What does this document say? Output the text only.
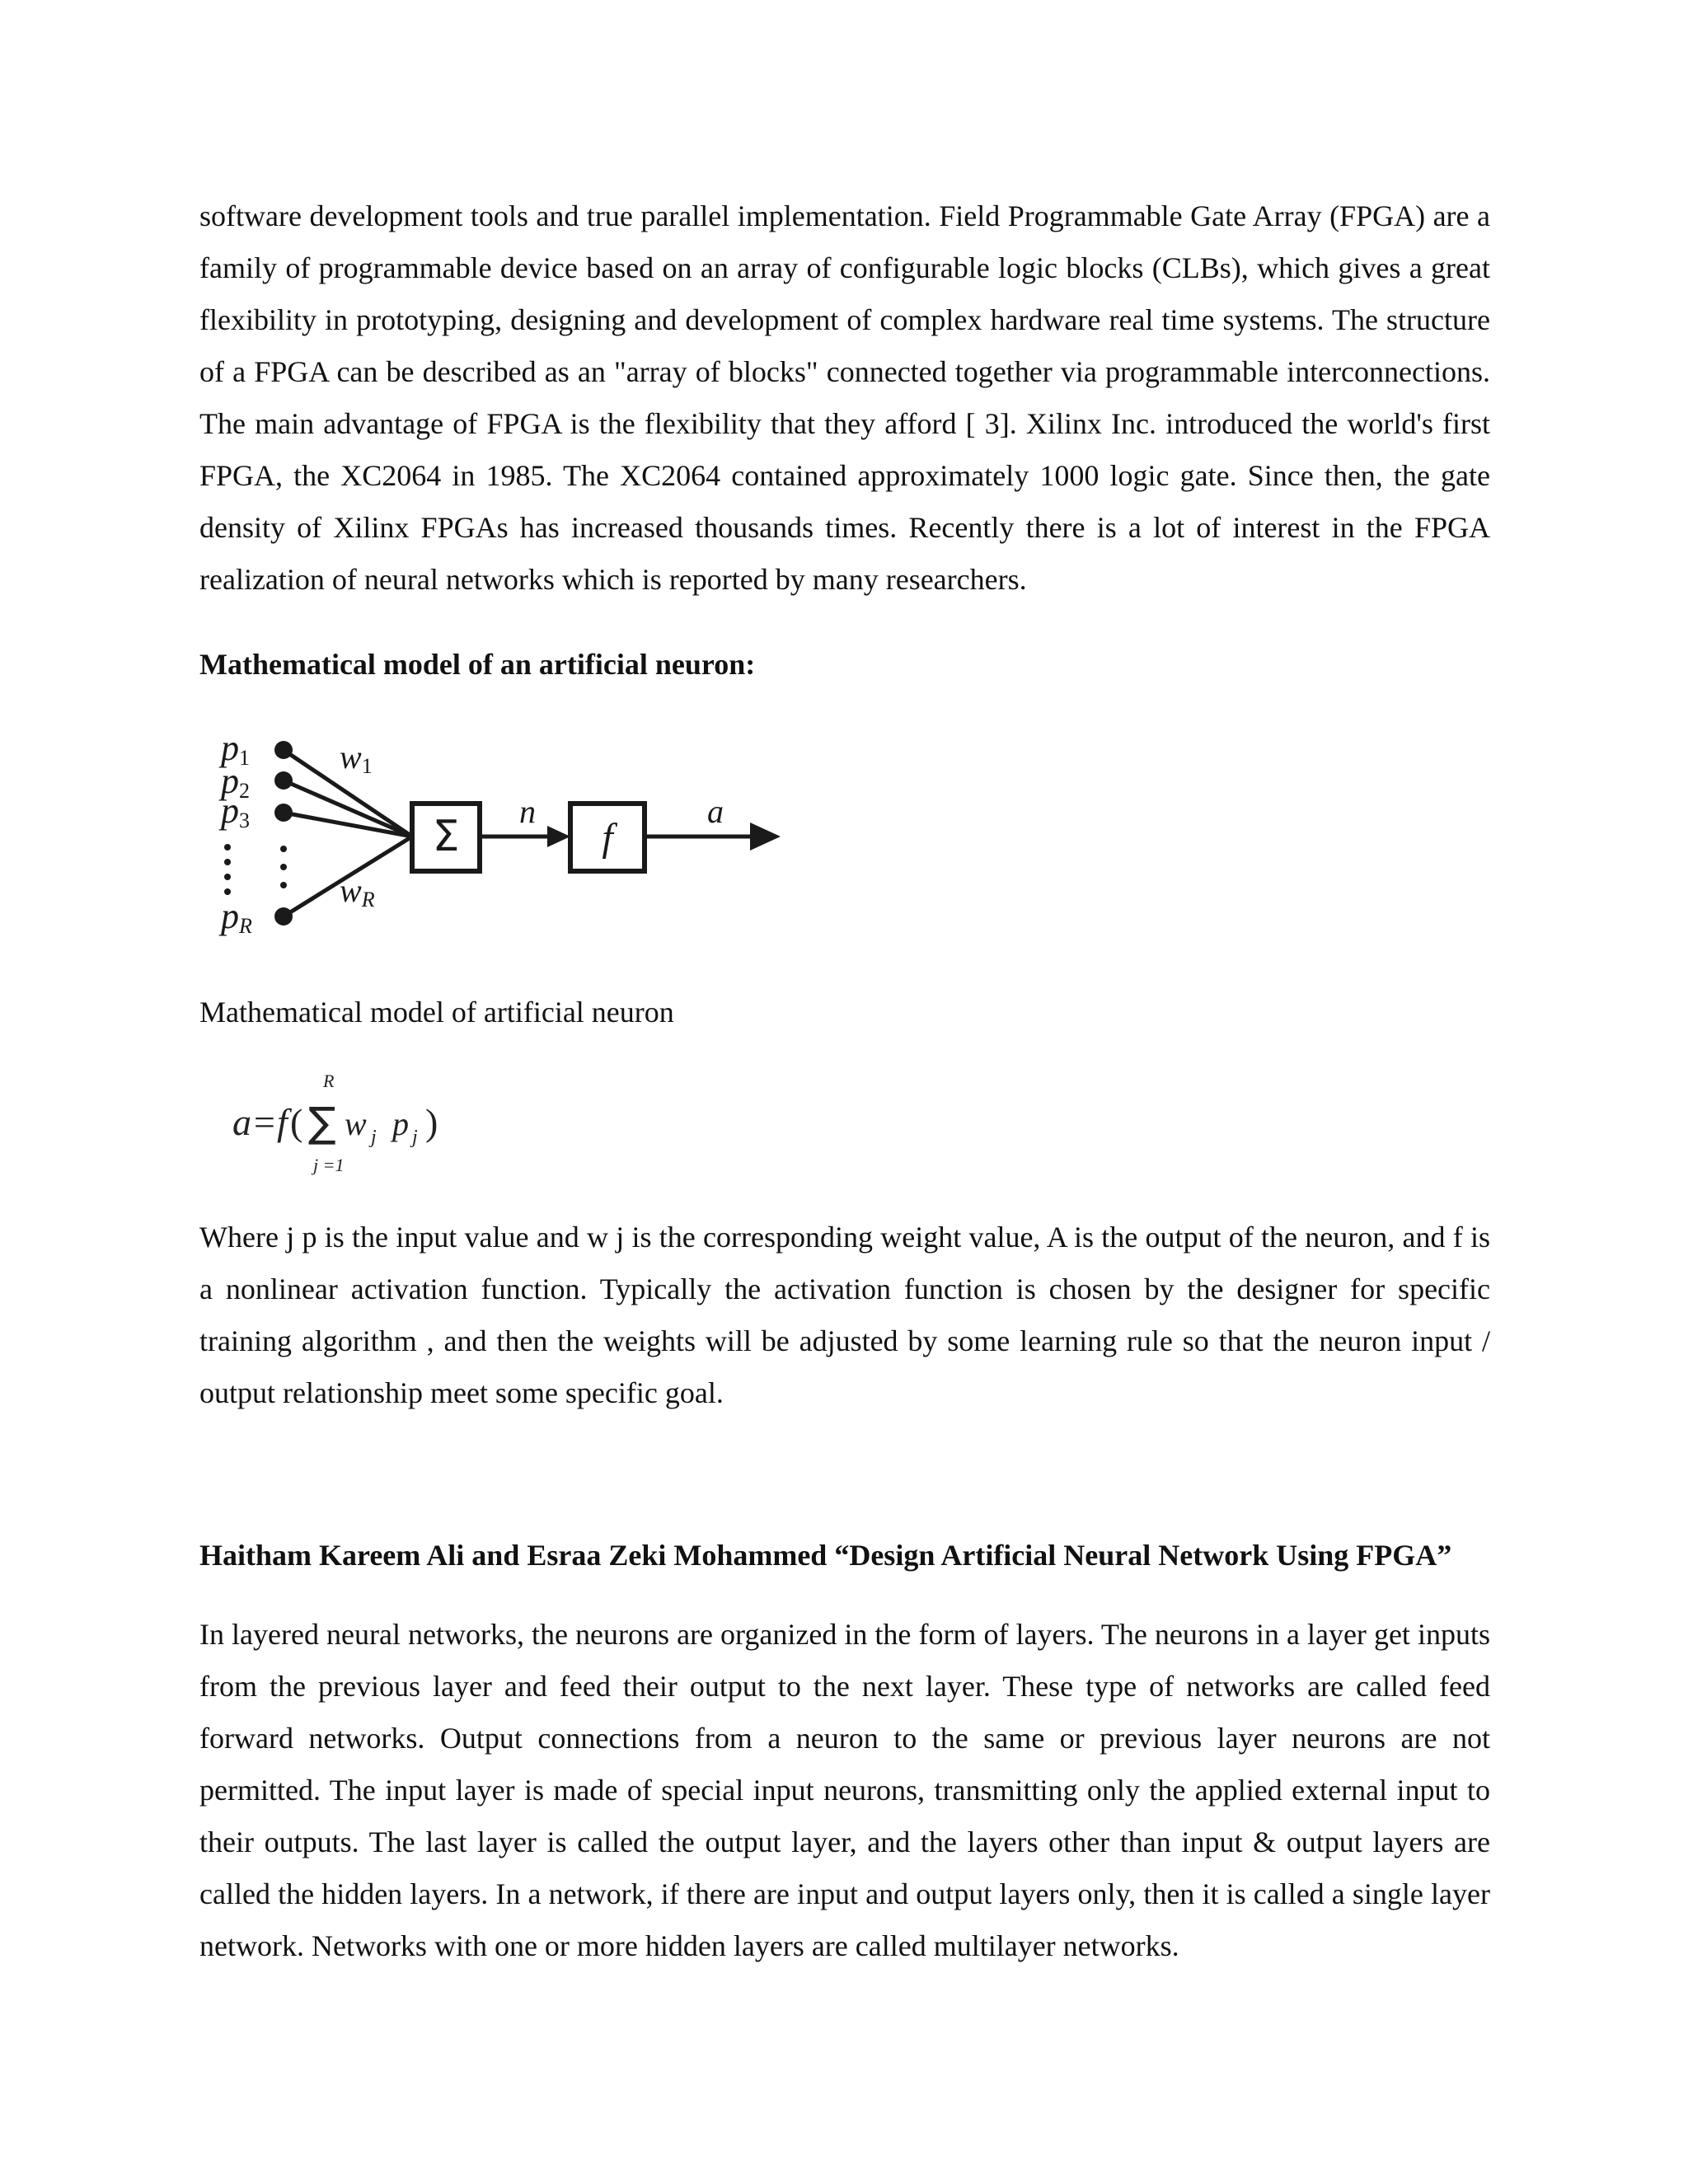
software development tools and true parallel implementation. Field Programmable Gate Array (FPGA) are a family of programmable device based on an array of configurable logic blocks (CLBs), which gives a great flexibility in prototyping, designing and development of complex hardware real time systems. The structure of a FPGA can be described as an "array of blocks" connected together via programmable interconnections. The main advantage of FPGA is the flexibility that they afford [ 3]. Xilinx Inc. introduced the world's first FPGA, the XC2064 in 1985. The XC2064 contained approximately 1000 logic gate. Since then, the gate density of Xilinx FPGAs has increased thousands times. Recently there is a lot of interest in the FPGA realization of neural networks which is reported by many researchers.

Mathematical model of an artificial neuron:

p1
p2
p3
pR
w1
wR
n	a
Σ	f

Mathematical model of artificial neuron

R
a=f ( ∑ w j p j )
j =1

Where j p is the input value and w j is the corresponding weight value, A is the output of the neuron, and f is a nonlinear activation function. Typically the activation function is chosen by the designer for specific training algorithm , and then the weights will be adjusted by some learning rule so that the neuron input / output relationship meet some specific goal.

Haitham Kareem Ali and Esraa Zeki Mohammed “Design Artificial Neural Network Using FPGA”

In layered neural networks, the neurons are organized in the form of layers. The neurons in a layer get inputs from the previous layer and feed their output to the next layer. These type of networks are called feed forward networks. Output connections from a neuron to the same or previous layer neurons are not permitted. The input layer is made of special input neurons, transmitting only the applied external input to their outputs. The last layer is called the output layer, and the layers other than input & output layers are called the hidden layers. In a network, if there are input and output layers only, then it is called a single layer network. Networks with one or more hidden layers are called multilayer networks.
